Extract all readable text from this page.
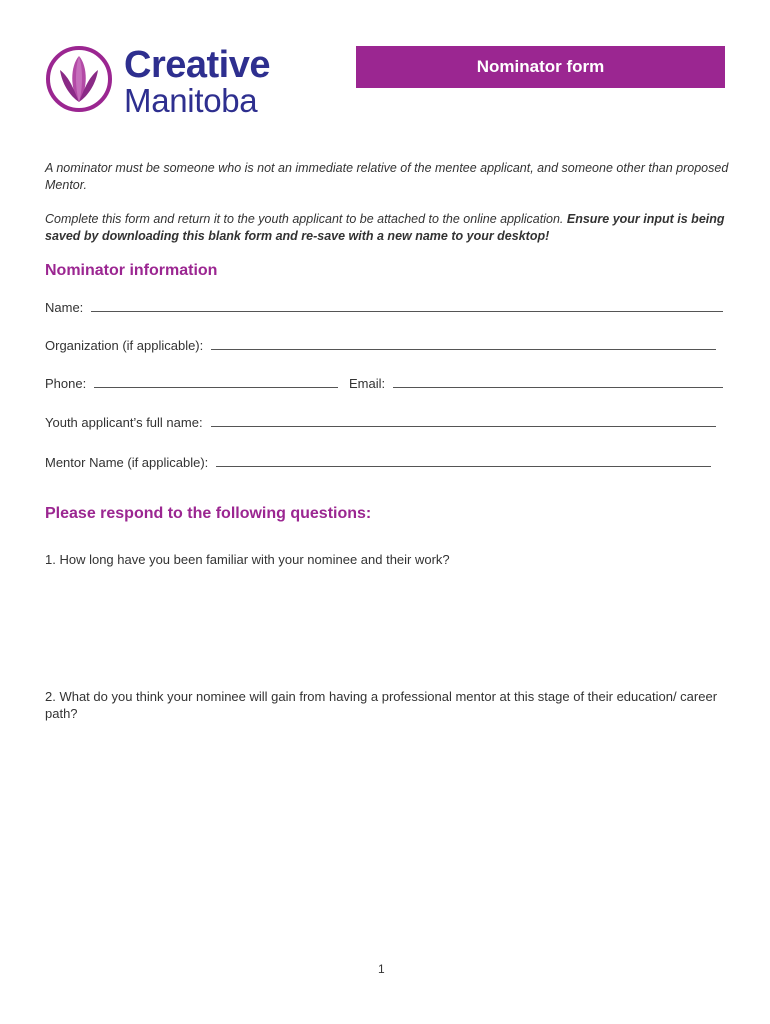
Creative
Manitoba
Nominator form
A nominator must be someone who is not an immediate relative of the mentee applicant, and someone other than proposed Mentor.
Complete this form and return it to the youth applicant to be attached to the online application. Ensure your input is being saved by downloading this blank form and re-save with a new name to your desktop!
Nominator information
Name:
Organization (if applicable):
Phone:	Email:
Youth applicant’s full name:
Mentor Name (if applicable):
Please respond to the following questions:
1. How long have you been familiar with your nominee and their work?
2. What do you think your nominee will gain from having a professional mentor at this stage of their education/ career path?
1
